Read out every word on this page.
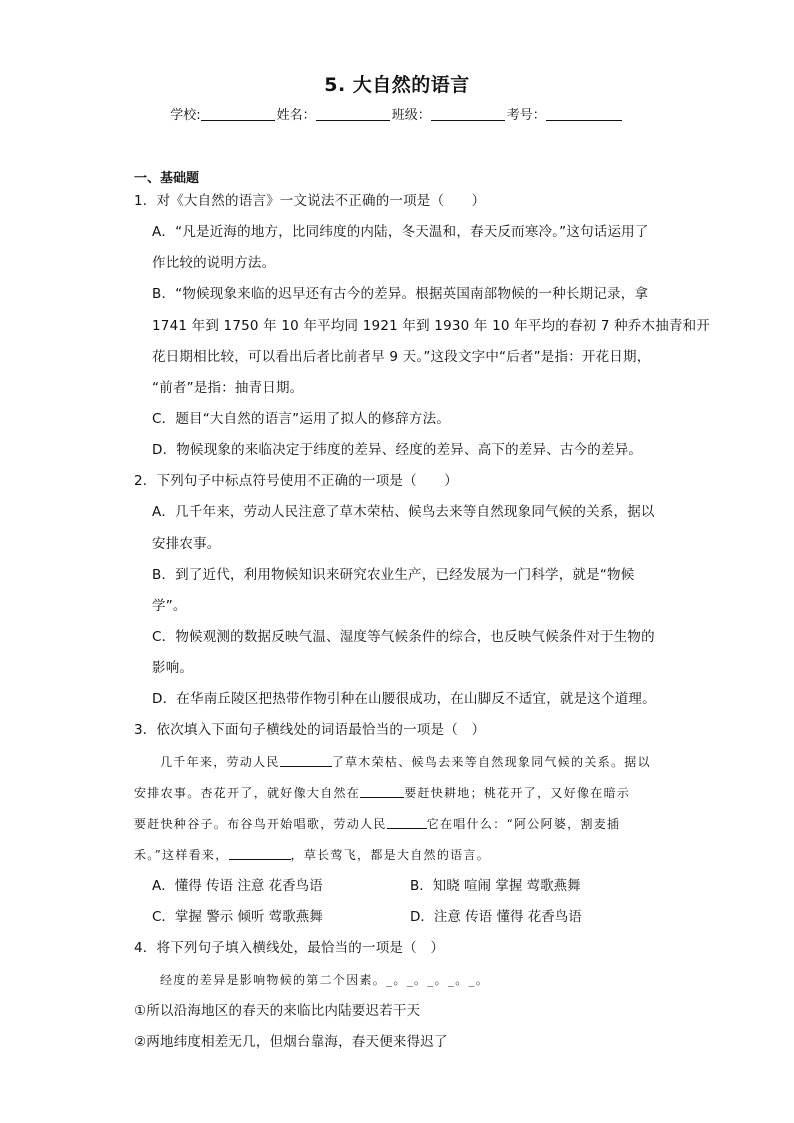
5. 大自然的语言
学校:	姓名：	班级：	考号：
一、基础题
1．对《大自然的语言》一文说法不正确的一项是（　　）
A．“凡是近海的地方，比同纬度的内陆，冬天温和，春天反而寒冷。”这句话运用了
作比较的说明方法。
B．“物候现象来临的迟早还有古今的差异。根据英国南部物候的一种长期记录，拿
1741 年到 1750 年 10 年平均同 1921 年到 1930 年 10 年平均的春初 7 种乔木抽青和开
花日期相比较，可以看出后者比前者早 9 天。”这段文字中“后者”是指：开花日期，
“前者”是指：抽青日期。
C．题目“大自然的语言”运用了拟人的修辞方法。
D．物候现象的来临决定于纬度的差异、经度的差异、高下的差异、古今的差异。
2．下列句子中标点符号使用不正确的一项是（　　）
A．几千年来，劳动人民注意了草木荣枯、候鸟去来等自然现象同气候的关系，据以
安排农事。
B．到了近代，利用物候知识来研究农业生产，已经发展为一门科学，就是“物候
学”。
C．物候观测的数据反映气温、湿度等气候条件的综合，也反映气候条件对于生物的
影响。
D．在华南丘陵区把热带作物引种在山腰很成功，在山脚反不适宜，就是这个道理。
3．依次填入下面句子横线处的词语最恰当的一项是（　）
几千年来，劳动人民	了草木荣枯、候鸟去来等自然现象同气候的关系。据以
安排农事。杏花开了，就好像大自然在	要赶快耕地；桃花开了，又好像在暗示
要赶快种谷子。布谷鸟开始唱歌，劳动人民	它在唱什么：“阿公阿婆，割麦插
禾。”这样看来，	，草长莺飞，都是大自然的语言。
A．懂得 传语 注意 花香鸟语	B．知晓 喧闹 掌握 莺歌燕舞
C．掌握 警示 倾听 莺歌燕舞	D．注意 传语 懂得 花香鸟语
4．将下列句子填入横线处，最恰当的一项是（　）
经度的差异是影响物候的第二个因素。_。_。_。_。_。
①所以沿海地区的春天的来临比内陆要迟若干天
②两地纬度相差无几，但烟台靠海，春天便来得迟了
